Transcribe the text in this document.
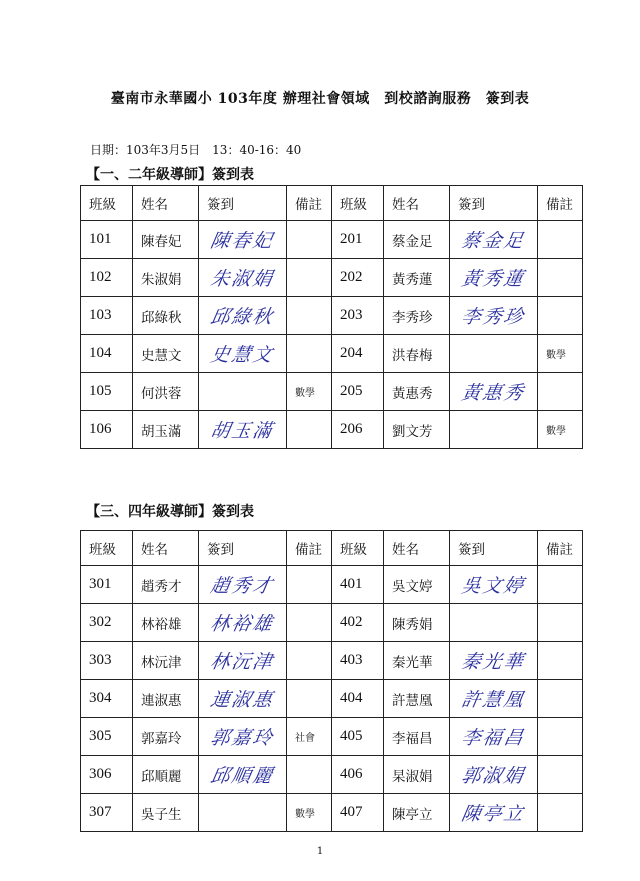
臺南市永華國小 103年度 辦理社會領域　到校諮詢服務　簽到表
日期：103年3月5日　13：40-16：40
【一、二年級導師】簽到表
班級	姓名	簽到	備註	班級	姓名	簽到	備註
101	陳春妃	陳春妃		201	蔡金足	蔡金足	
102	朱淑娟	朱淑娟		202	黃秀蓮	黃秀蓮	
103	邱綠秋	邱綠秋		203	李秀珍	李秀珍	
104	史慧文	史慧文		204	洪春梅		數學
105	何洪蓉		數學	205	黃惠秀	黃惠秀	
106	胡玉滿	胡玉滿		206	劉文芳		數學
【三、四年級導師】簽到表
班級	姓名	簽到	備註	班級	姓名	簽到	備註
301	趙秀才	趙秀才		401	吳文婷	吳文婷	
302	林裕雄	林裕雄		402	陳秀娟		
303	林沅津	林沅津		403	秦光華	秦光華	
304	連淑惠	連淑惠		404	許慧凰	許慧凰	
305	郭嘉玲	郭嘉玲	社會	405	李福昌	李福昌	
306	邱順麗	邱順麗		406	杲淑娟	郭淑娟	
307	吳子生		數學	407	陳亭立	陳亭立	
1
